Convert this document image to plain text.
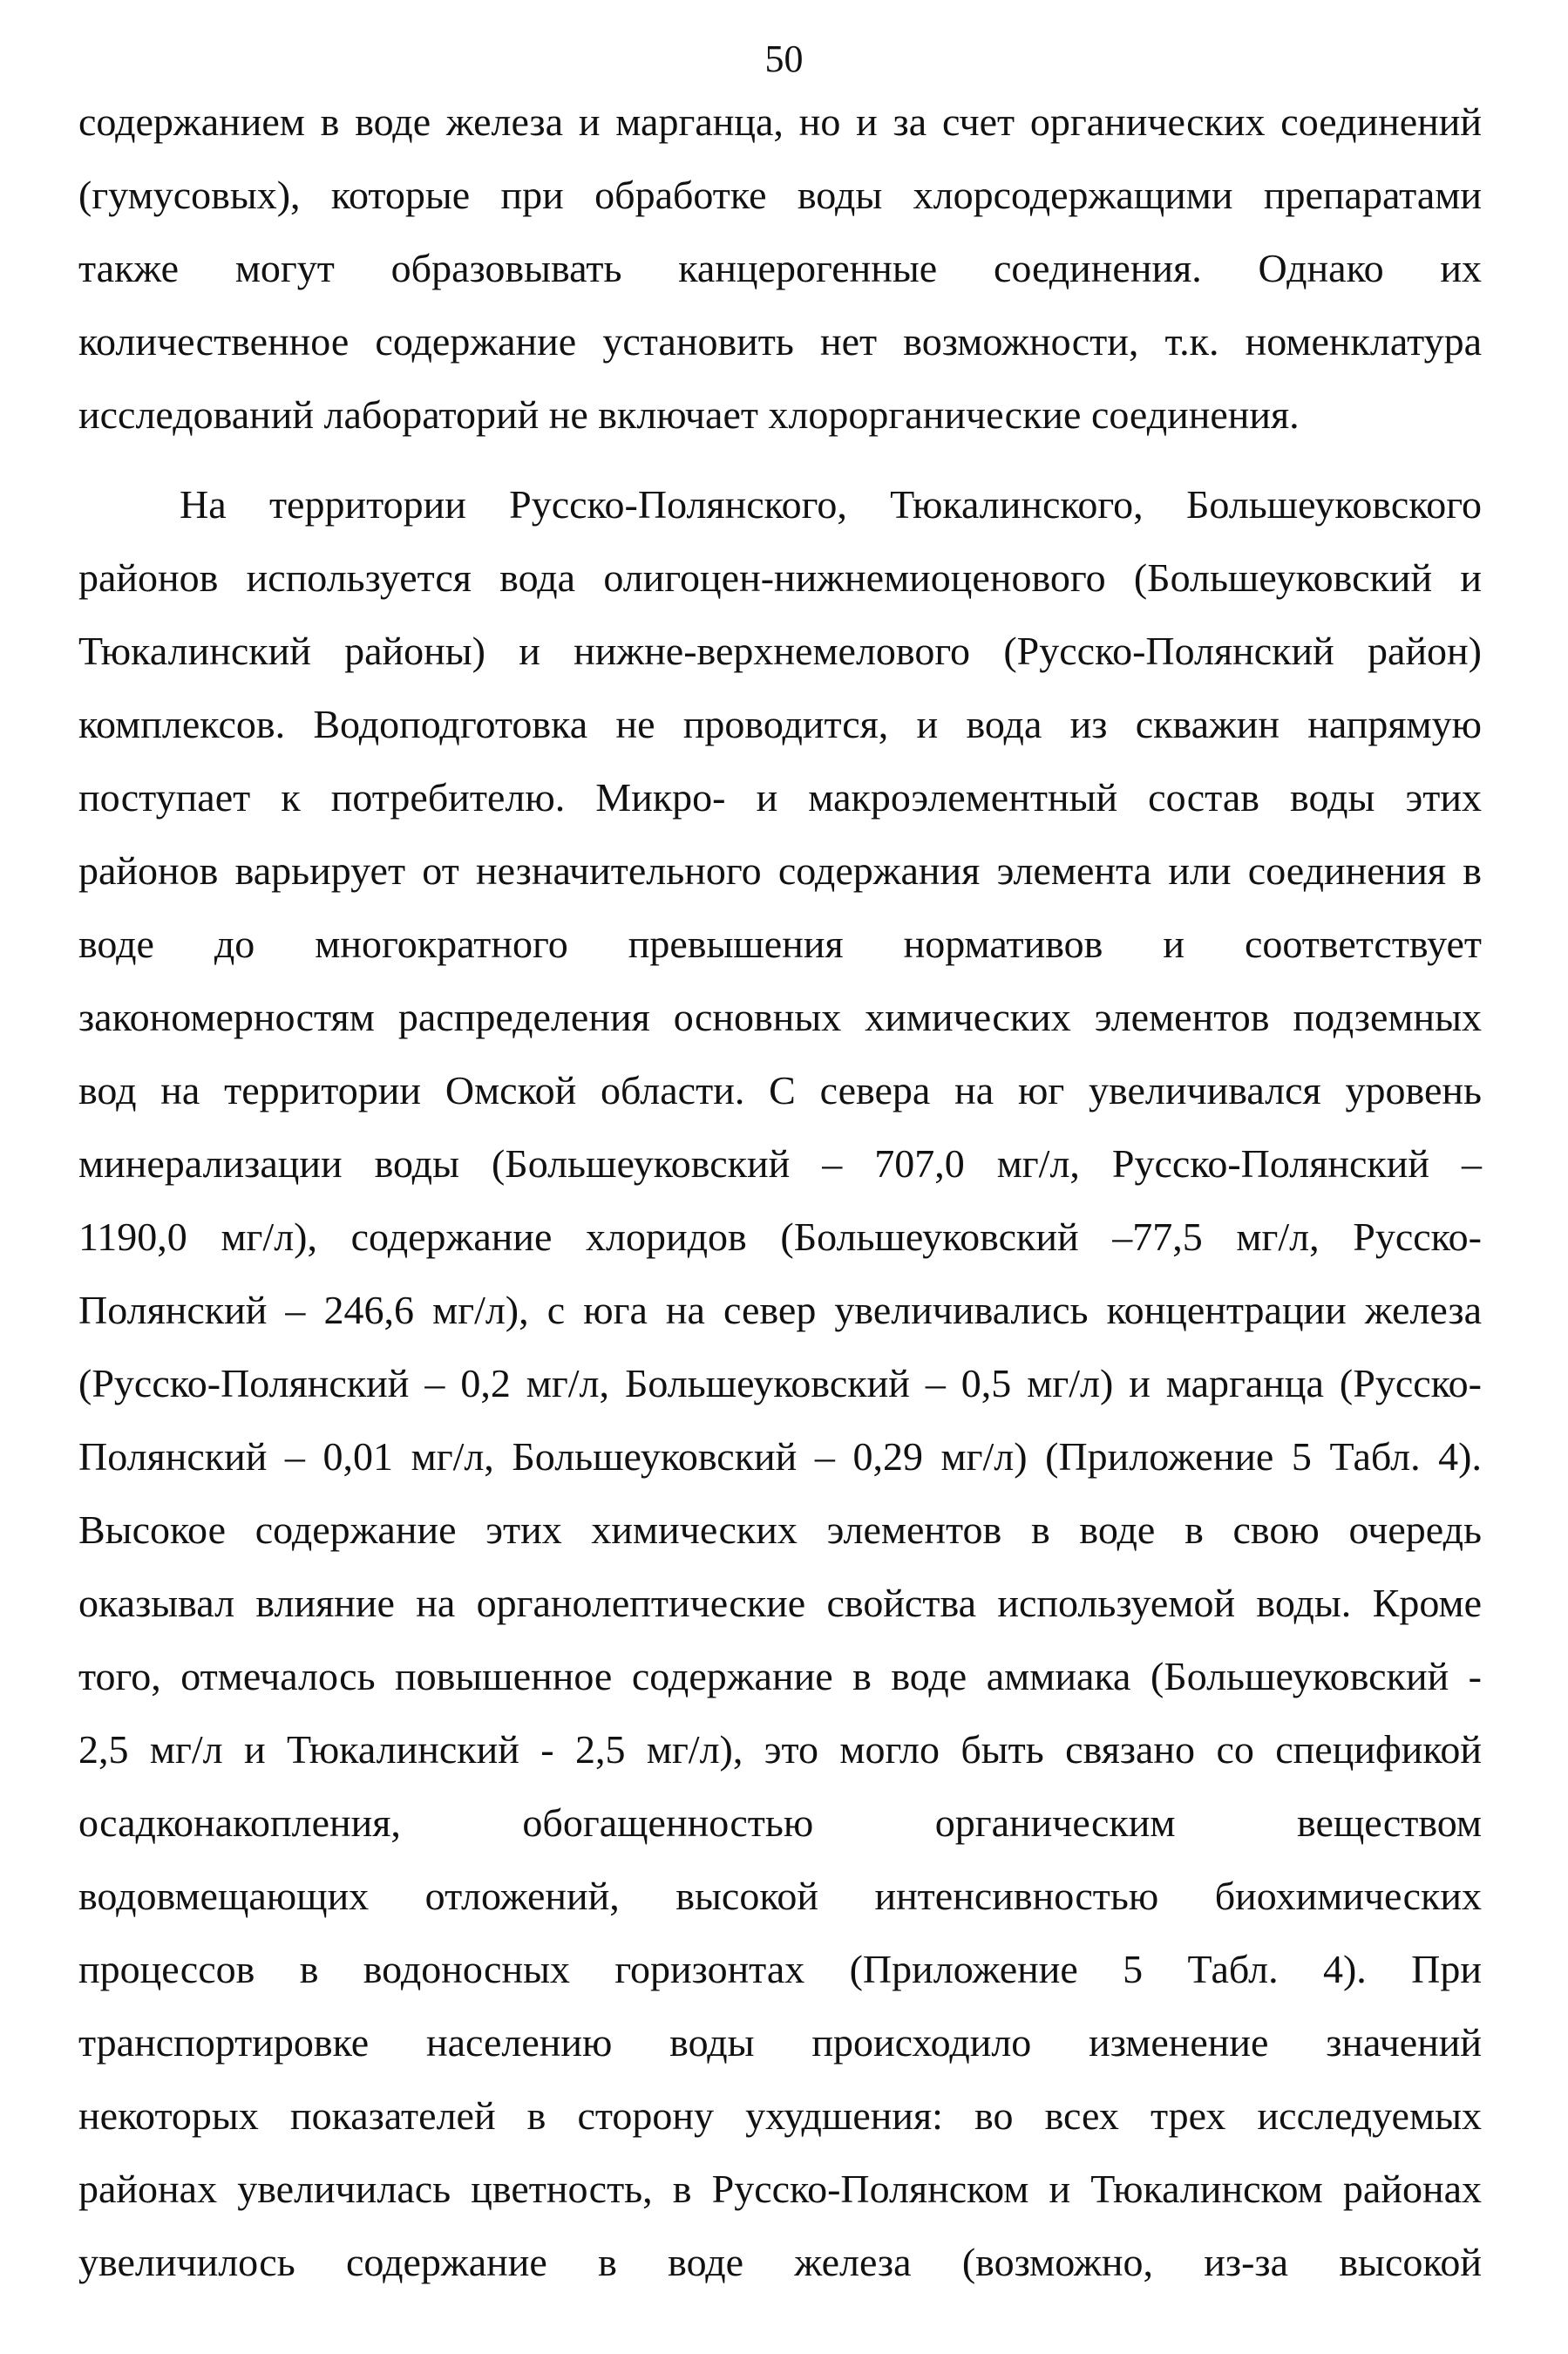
50
содержанием в воде железа и марганца, но и за счет органических соединений
(гумусовых), которые при обработке воды хлорсодержащими препаратами
также могут образовывать канцерогенные соединения. Однако их
количественное содержание установить нет возможности, т.к. номенклатура
исследований лабораторий не включает хлорорганические соединения.
На территории Русско-Полянского, Тюкалинского, Большеуковского
районов используется вода олигоцен-нижнемиоценового (Большеуковский и
Тюкалинский районы) и нижне-верхнемелового (Русско-Полянский район)
комплексов. Водоподготовка не проводится, и вода из скважин напрямую
поступает к потребителю. Микро- и макроэлементный состав воды этих
районов варьирует от незначительного содержания элемента или соединения в
воде до многократного превышения нормативов и соответствует
закономерностям распределения основных химических элементов подземных
вод на территории Омской области. С севера на юг увеличивался уровень
минерализации воды (Большеуковский – 707,0 мг/л, Русско-Полянский –
1190,0 мг/л), содержание хлоридов (Большеуковский –77,5 мг/л, Русско-
Полянский – 246,6 мг/л), с юга на север увеличивались концентрации железа
(Русско-Полянский – 0,2 мг/л, Большеуковский – 0,5 мг/л) и марганца (Русско-
Полянский – 0,01 мг/л, Большеуковский – 0,29 мг/л) (Приложение 5 Табл. 4).
Высокое содержание этих химических элементов в воде в свою очередь
оказывал влияние на органолептические свойства используемой воды. Кроме
того, отмечалось повышенное содержание в воде аммиака (Большеуковский -
2,5 мг/л и Тюкалинский - 2,5 мг/л), это могло быть связано со спецификой
осадконакопления, обогащенностью органическим веществом
водовмещающих отложений, высокой интенсивностью биохимических
процессов в водоносных горизонтах (Приложение 5 Табл. 4). При
транспортировке населению воды происходило изменение значений
некоторых показателей в сторону ухудшения: во всех трех исследуемых
районах увеличилась цветность, в Русско-Полянском и Тюкалинском районах
увеличилось содержание в воде железа (возможно, из-за высокой
